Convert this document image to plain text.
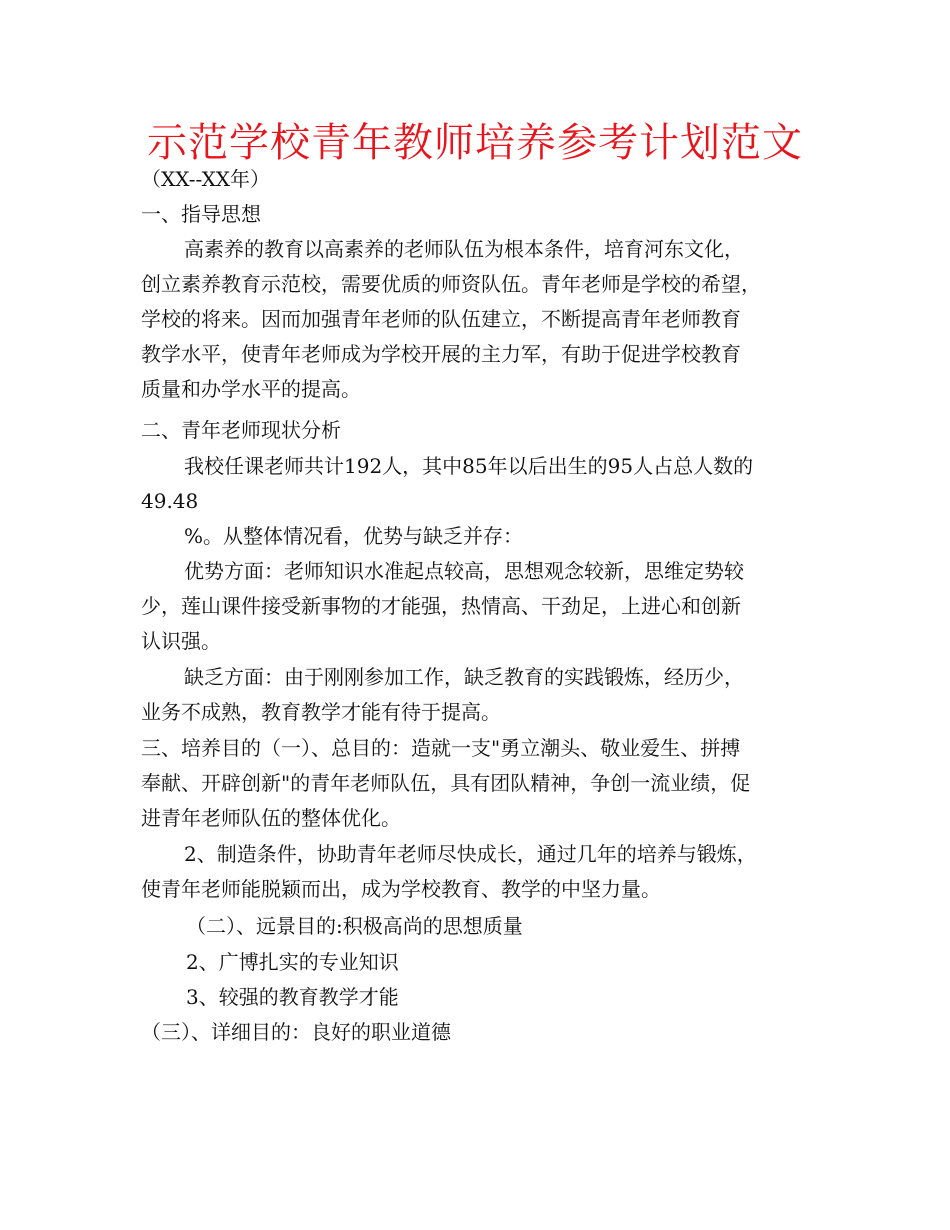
示范学校青年教师培养参考计划范文
（XX--XX年）
一、指导思想
高素养的教育以高素养的老师队伍为根本条件，培育河东文化，
创立素养教育示范校，需要优质的师资队伍。青年老师是学校的希望，
学校的将来。因而加强青年老师的队伍建立，不断提高青年老师教育
教学水平，使青年老师成为学校开展的主力军，有助于促进学校教育
质量和办学水平的提高。
二、青年老师现状分析
我校任课老师共计192人，其中85年以后出生的95人占总人数的
49.48
%。从整体情况看，优势与缺乏并存：
优势方面：老师知识水准起点较高，思想观念较新，思维定势较
少，莲山课件接受新事物的才能强，热情高、干劲足，上进心和创新
认识强。
缺乏方面：由于刚刚参加工作，缺乏教育的实践锻炼，经历少，
业务不成熟，教育教学才能有待于提高。
三、培养目的（一）、总目的：造就一支"勇立潮头、敬业爱生、拼搏
奉献、开辟创新"的青年老师队伍，具有团队精神，争创一流业绩，促
进青年老师队伍的整体优化。
2、制造条件，协助青年老师尽快成长，通过几年的培养与锻炼，
使青年老师能脱颖而出，成为学校教育、教学的中坚力量。
（二）、远景目的:积极高尚的思想质量
2、广博扎实的专业知识
3、较强的教育教学才能
（三）、详细目的：良好的职业道德
